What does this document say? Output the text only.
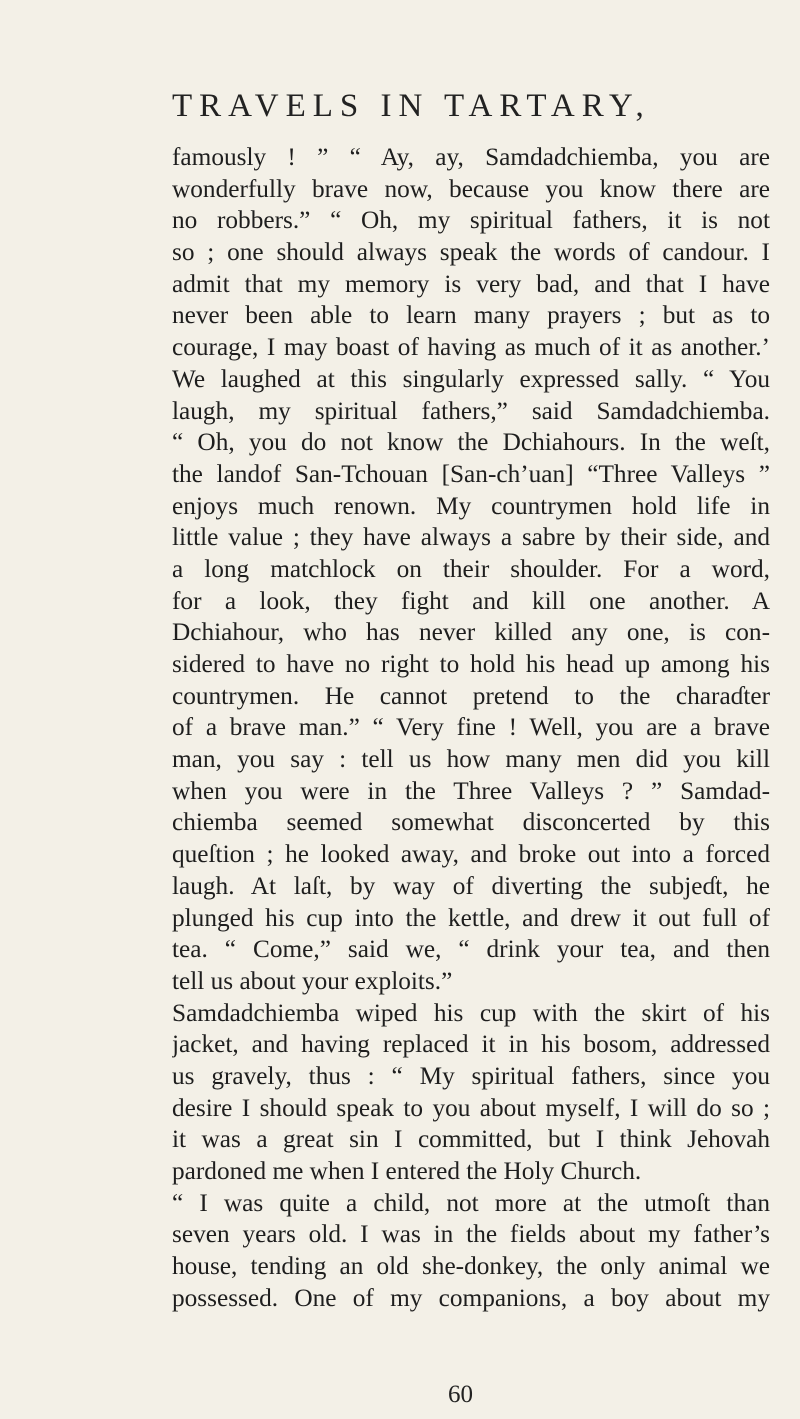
TRAVELS IN TARTARY,
famously ! ” “ Ay, ay, Samdadchiemba, you are
wonderfully brave now, because you know there are
no robbers.” “ Oh, my spiritual fathers, it is not
so ; one should always speak the words of candour. I
admit that my memory is very bad, and that I have
never been able to learn many prayers ; but as to
courage, I may boast of having as much of it as another.’
We laughed at this singularly expressed sally. “ You
laugh, my spiritual fathers,” said Samdadchiemba.
“ Oh, you do not know the Dchiahours. In the weſt,
the landof San-Tchouan [San-ch’uan] “Three Valleys ”
enjoys much renown. My countrymen hold life in
little value ; they have always a sabre by their side, and
a long matchlock on their shoulder. For a word,
for a look, they fight and kill one another. A
Dchiahour, who has never killed any one, is con-
sidered to have no right to hold his head up among his
countrymen. He cannot pretend to the charaɗter
of a brave man.” “ Very fine ! Well, you are a brave
man, you say : tell us how many men did you kill
when you were in the Three Valleys ? ” Samdad-
chiemba seemed somewhat disconcerted by this
queſtion ; he looked away, and broke out into a forced
laugh. At laſt, by way of diverting the subjeɗt, he
plunged his cup into the kettle, and drew it out full of
tea. “ Come,” said we, “ drink your tea, and then
tell us about your exploits.”
Samdadchiemba wiped his cup with the skirt of his
jacket, and having replaced it in his bosom, addressed
us gravely, thus : “ My spiritual fathers, since you
desire I should speak to you about myself, I will do so ;
it was a great sin I committed, but I think Jehovah
pardoned me when I entered the Holy Church.
“ I was quite a child, not more at the utmoſt than
seven years old. I was in the fields about my father’s
house, tending an old she-donkey, the only animal we
possessed. One of my companions, a boy about my
60
